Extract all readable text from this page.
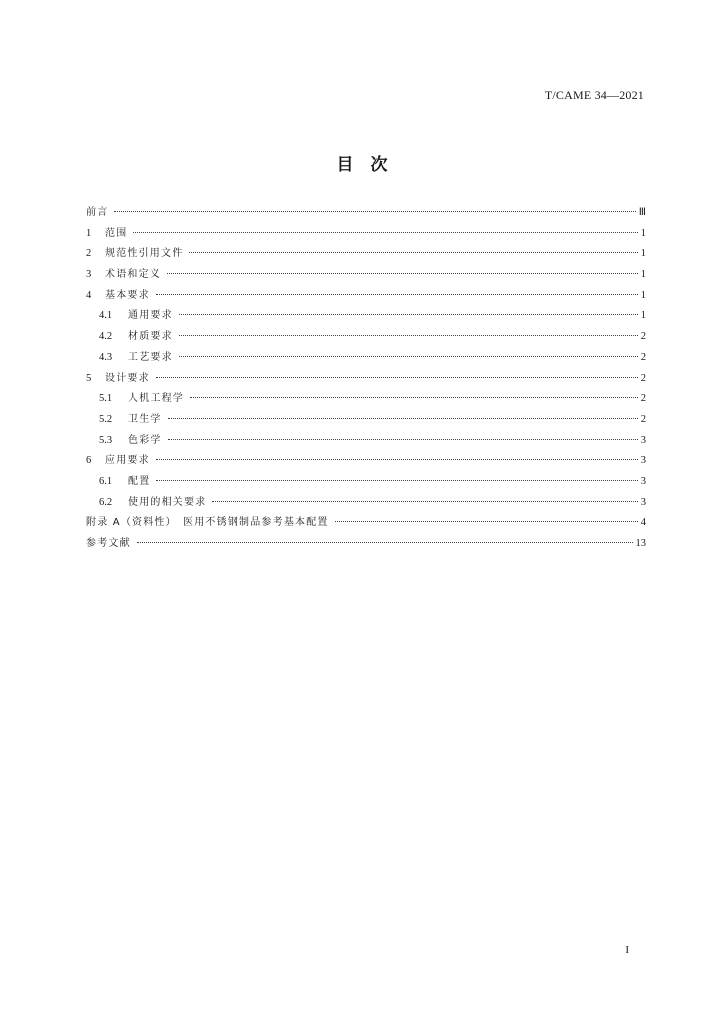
T/CAME 34—2021
目　次
前言	Ⅲ
1	范围	1
2	规范性引用文件	1
3	术语和定义	1
4	基本要求	1
4.1	通用要求	1
4.2	材质要求	2
4.3	工艺要求	2
5	设计要求	2
5.1	人机工程学	2
5.2	卫生学	2
5.3	色彩学	3
6	应用要求	3
6.1	配置	3
6.2	使用的相关要求	3
附录 A（资料性）　医用不锈钢制品参考基本配置	4
参考文献	13
I
